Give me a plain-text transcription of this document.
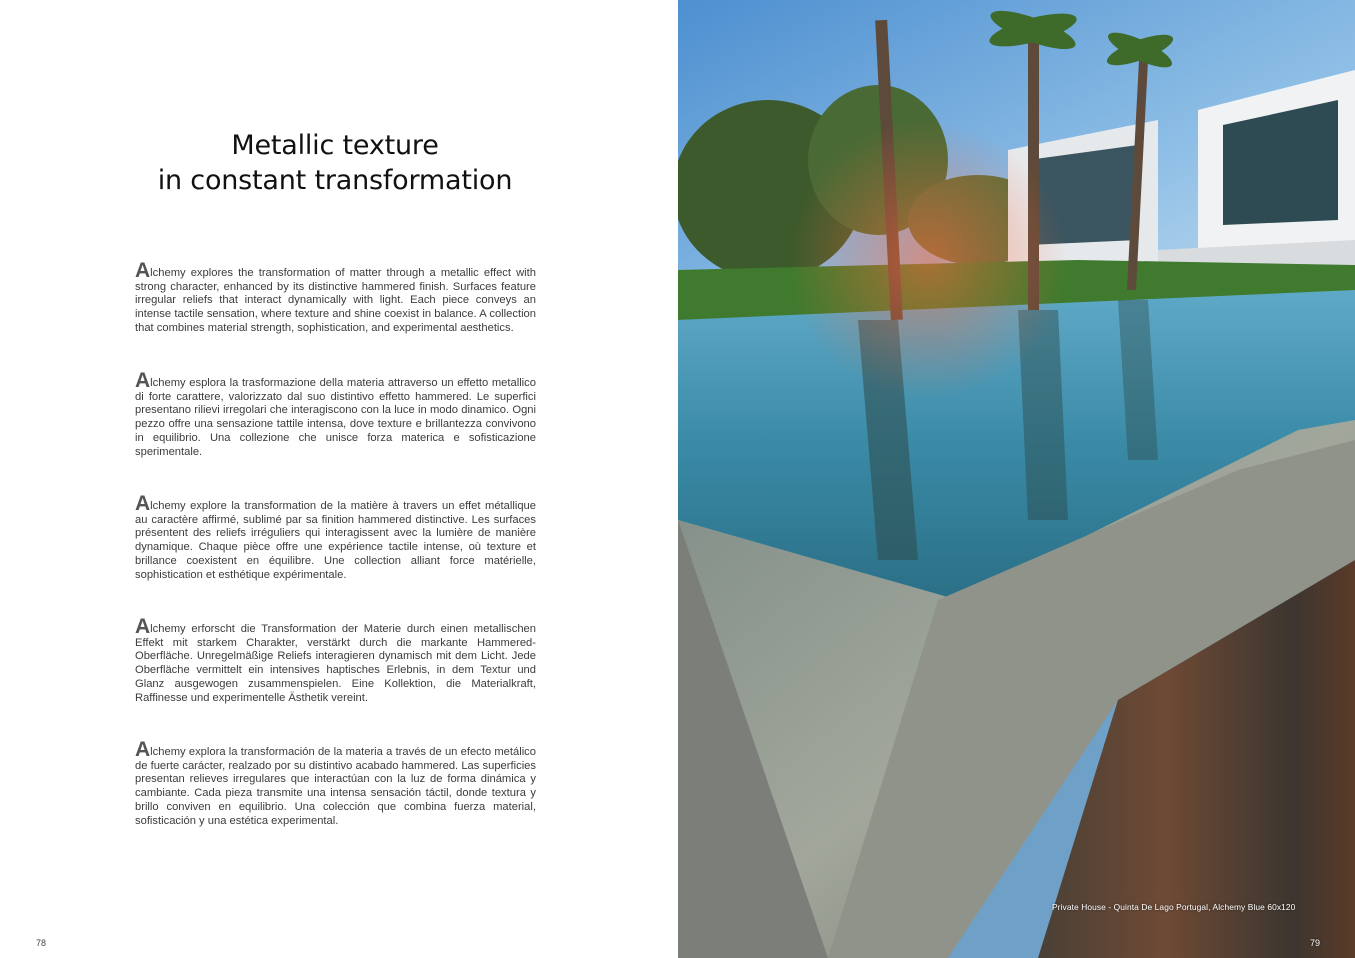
Metallic texture
in constant transformation

Alchemy explores the transformation of matter through a metallic effect with strong character, enhanced by its distinctive hammered finish. Surfaces feature irregular reliefs that interact dynamically with light. Each piece conveys an intense tactile sensation, where texture and shine coexist in balance. A collection that combines material strength, sophistication, and experimental aesthetics.

Alchemy esplora la trasformazione della materia attraverso un effetto metallico di forte carattere, valorizzato dal suo distintivo effetto hammered. Le superfici presentano rilievi irregolari che interagiscono con la luce in modo dinamico. Ogni pezzo offre una sensazione tattile intensa, dove texture e brillantezza convivono in equilibrio. Una collezione che unisce forza materica e sofisticazione sperimentale.

Alchemy explore la transformation de la matière à travers un effet métallique au caractère affirmé, sublimé par sa finition hammered distinctive. Les surfaces présentent des reliefs irréguliers qui interagissent avec la lumière de manière dynamique. Chaque pièce offre une expérience tactile intense, où texture et brillance coexistent en équilibre. Une collection alliant force matérielle, sophistication et esthétique expérimentale.

Alchemy erforscht die Transformation der Materie durch einen metallischen Effekt mit starkem Charakter, verstärkt durch die markante Hammered-Oberfläche. Unregelmäßige Reliefs interagieren dynamisch mit dem Licht. Jede Oberfläche vermittelt ein intensives haptisches Erlebnis, in dem Textur und Glanz ausgewogen zusammenspielen. Eine Kollektion, die Materialkraft, Raffinesse und experimentelle Ästhetik vereint.

Alchemy explora la transformación de la materia a través de un efecto metálico de fuerte carácter, realzado por su distintivo acabado hammered. Las superficies presentan relieves irregulares que interactúan con la luz de forma dinámica y cambiante. Cada pieza transmite una intensa sensación táctil, donde textura y brillo conviven en equilibrio. Una colección que combina fuerza material, sofisticación y una estética experimental.

78
Private House - Quinta De Lago Portugal, Alchemy Blue 60x120
79
